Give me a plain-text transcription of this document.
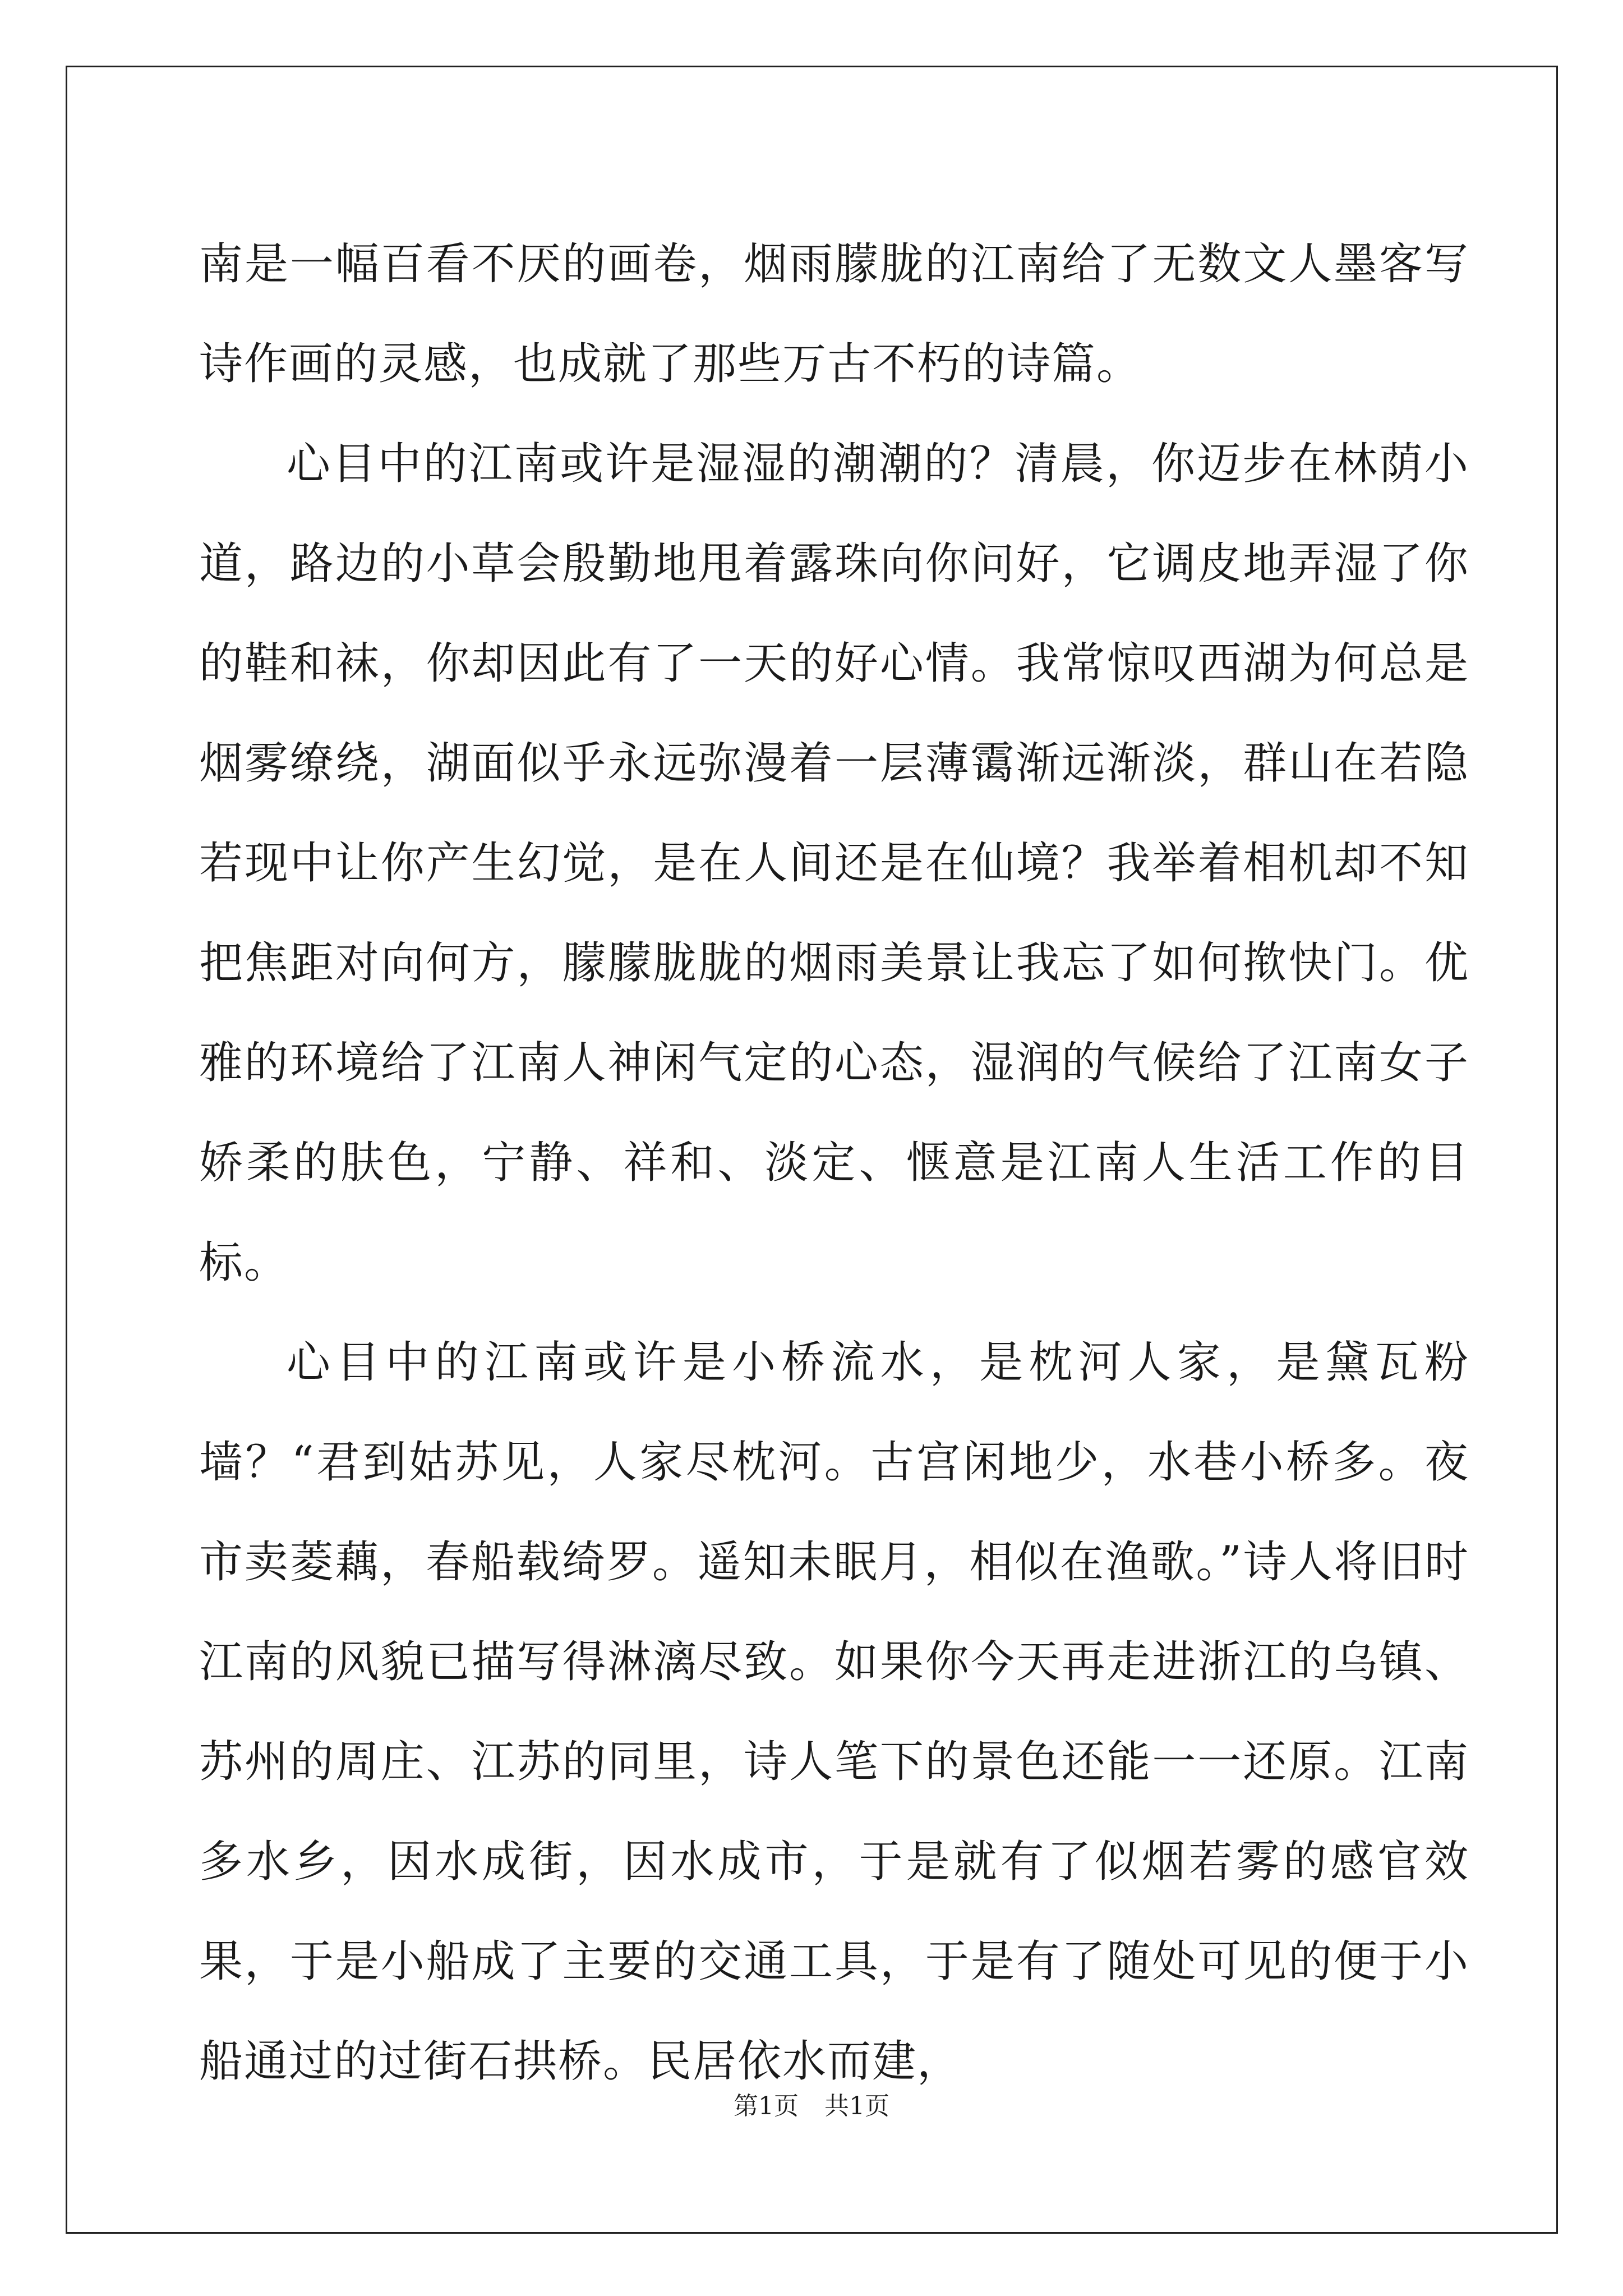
南是一幅百看不厌的画卷，烟雨朦胧的江南给了无数文人墨客写诗作画的灵感，也成就了那些万古不朽的诗篇。

心目中的江南或许是湿湿的潮潮的？清晨，你迈步在林荫小道，路边的小草会殷勤地甩着露珠向你问好，它调皮地弄湿了你的鞋和袜，你却因此有了一天的好心情。我常惊叹西湖为何总是烟雾缭绕，湖面似乎永远弥漫着一层薄霭渐远渐淡，群山在若隐若现中让你产生幻觉，是在人间还是在仙境？我举着相机却不知把焦距对向何方，朦朦胧胧的烟雨美景让我忘了如何揿快门。优雅的环境给了江南人神闲气定的心态，湿润的气候给了江南女子娇柔的肤色，宁静、祥和、淡定、惬意是江南人生活工作的目标。

心目中的江南或许是小桥流水，是枕河人家，是黛瓦粉墙？“君到姑苏见，人家尽枕河。古宫闲地少，水巷小桥多。夜市卖菱藕，春船载绮罗。遥知未眠月，相似在渔歌。”诗人将旧时江南的风貌已描写得淋漓尽致。如果你今天再走进浙江的乌镇、苏州的周庄、江苏的同里，诗人笔下的景色还能一一还原。江南多水乡，因水成街，因水成市，于是就有了似烟若雾的感官效果，于是小船成了主要的交通工具，于是有了随处可见的便于小船通过的过街石拱桥。民居依水而建，

第1页 共1页
